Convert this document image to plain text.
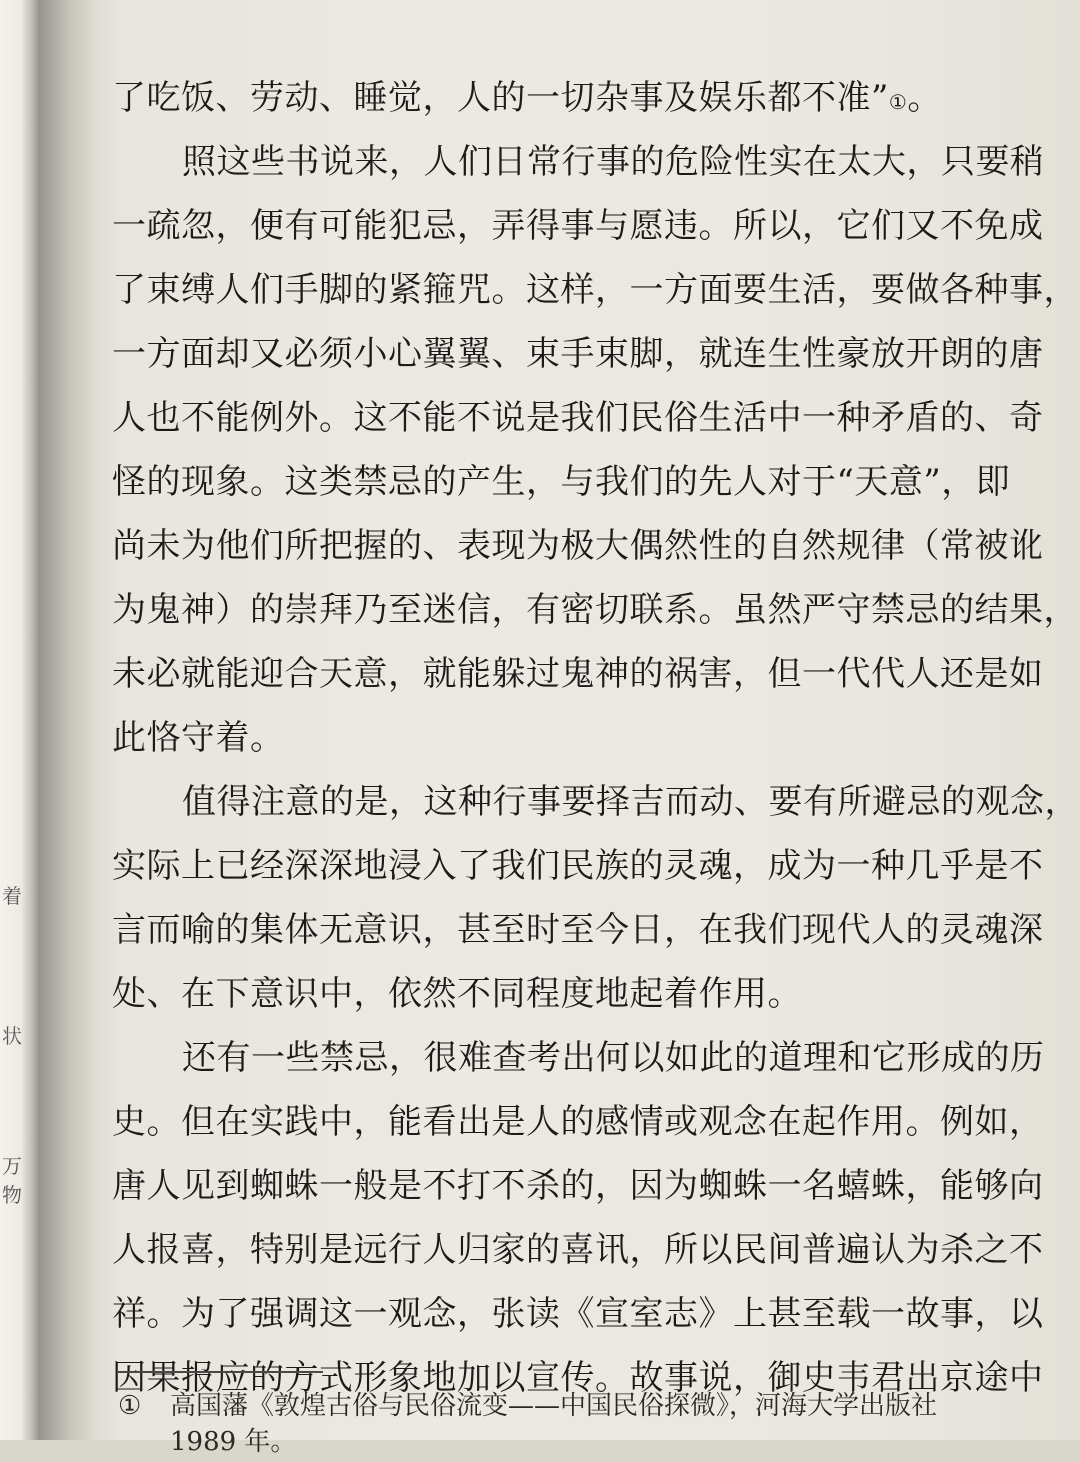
着
状
万物
了吃饭、劳动、睡觉，人的一切杂事及娱乐都不准”①。
照这些书说来，人们日常行事的危险性实在太大，只要稍
一疏忽，便有可能犯忌，弄得事与愿违。所以，它们又不免成
了束缚人们手脚的紧箍咒。这样，一方面要生活，要做各种事，
一方面却又必须小心翼翼、束手束脚，就连生性豪放开朗的唐
人也不能例外。这不能不说是我们民俗生活中一种矛盾的、奇
怪的现象。这类禁忌的产生，与我们的先人对于“天意”，即
尚未为他们所把握的、表现为极大偶然性的自然规律（常被讹
为鬼神）的崇拜乃至迷信，有密切联系。虽然严守禁忌的结果，
未必就能迎合天意，就能躲过鬼神的祸害，但一代代人还是如
此恪守着。
值得注意的是，这种行事要择吉而动、要有所避忌的观念，
实际上已经深深地浸入了我们民族的灵魂，成为一种几乎是不
言而喻的集体无意识，甚至时至今日，在我们现代人的灵魂深
处、在下意识中，依然不同程度地起着作用。
还有一些禁忌，很难查考出何以如此的道理和它形成的历
史。但在实践中，能看出是人的感情或观念在起作用。例如，
唐人见到蜘蛛一般是不打不杀的，因为蜘蛛一名蟢蛛，能够向
人报喜，特别是远行人归家的喜讯，所以民间普遍认为杀之不
祥。为了强调这一观念，张读《宣室志》上甚至载一故事，以
因果报应的方式形象地加以宣传。故事说，御史韦君出京途中
① 高国藩《敦煌古俗与民俗流变——中国民俗探微》，河海大学出版社
1989 年。
